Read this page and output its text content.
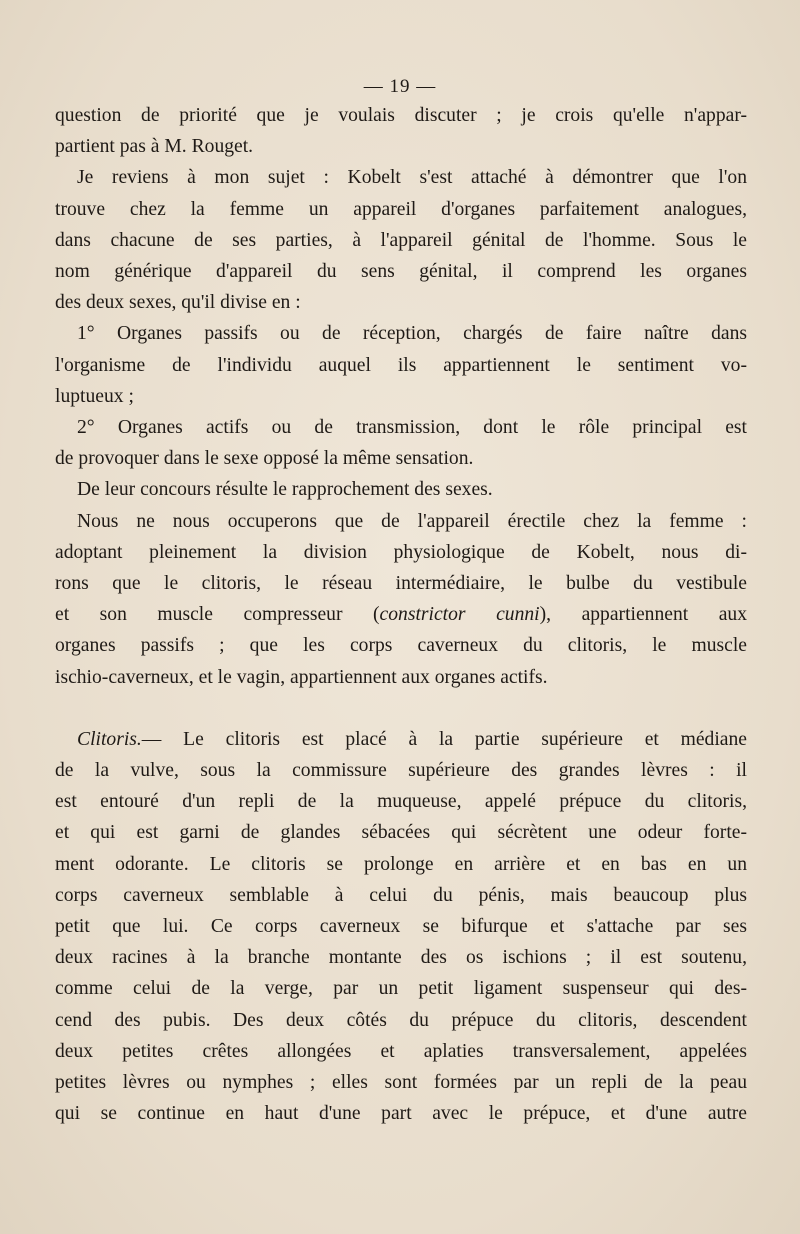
— 19 —
question de priorité que je voulais discuter ; je crois qu'elle n'appar-
partient pas à M. Rouget.
Je reviens à mon sujet : Kobelt s'est attaché à démontrer que l'on
trouve chez la femme un appareil d'organes parfaitement analogues,
dans chacune de ses parties, à l'appareil génital de l'homme. Sous le
nom générique d'appareil du sens génital, il comprend les organes
des deux sexes, qu'il divise en :
1° Organes passifs ou de réception, chargés de faire naître dans
l'organisme de l'individu auquel ils appartiennent le sentiment vo-
luptueux ;
2° Organes actifs ou de transmission, dont le rôle principal est
de provoquer dans le sexe opposé la même sensation.
De leur concours résulte le rapprochement des sexes.
Nous ne nous occuperons que de l'appareil érectile chez la femme :
adoptant pleinement la division physiologique de Kobelt, nous di-
rons que le clitoris, le réseau intermédiaire, le bulbe du vestibule
et son muscle compresseur (constrictor cunni), appartiennent aux
organes passifs ; que les corps caverneux du clitoris, le muscle
ischio-caverneux, et le vagin, appartiennent aux organes actifs.
Clitoris.— Le clitoris est placé à la partie supérieure et médiane
de la vulve, sous la commissure supérieure des grandes lèvres : il
est entouré d'un repli de la muqueuse, appelé prépuce du clitoris,
et qui est garni de glandes sébacées qui sécrètent une odeur forte-
ment odorante. Le clitoris se prolonge en arrière et en bas en un
corps caverneux semblable à celui du pénis, mais beaucoup plus
petit que lui. Ce corps caverneux se bifurque et s'attache par ses
deux racines à la branche montante des os ischions ; il est soutenu,
comme celui de la verge, par un petit ligament suspenseur qui des-
cend des pubis. Des deux côtés du prépuce du clitoris, descendent
deux petites crêtes allongées et aplaties transversalement, appelées
petites lèvres ou nymphes ; elles sont formées par un repli de la peau
qui se continue en haut d'une part avec le prépuce, et d'une autre
